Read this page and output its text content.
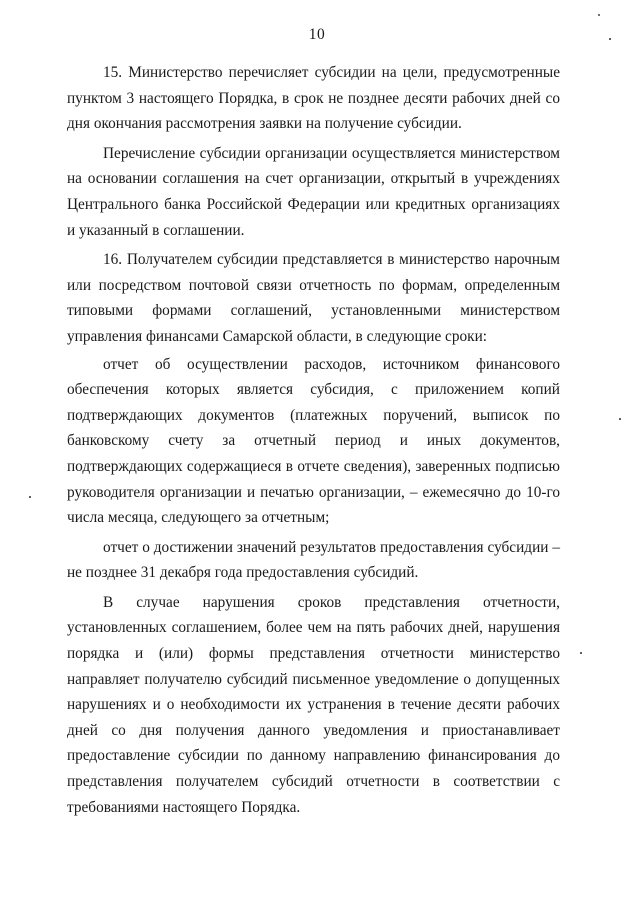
10

15. Министерство перечисляет субсидии на цели, предусмотренные пунктом 3 настоящего Порядка, в срок не позднее десяти рабочих дней со дня окончания рассмотрения заявки на получение субсидии.

Перечисление субсидии организации осуществляется министерством на основании соглашения на счет организации, открытый в учреждениях Центрального банка Российской Федерации или кредитных организациях и указанный в соглашении.

16. Получателем субсидии представляется в министерство нарочным или посредством почтовой связи отчетность по формам, определенным типовыми формами соглашений, установленными министерством управления финансами Самарской области, в следующие сроки:

отчет об осуществлении расходов, источником финансового обеспечения которых является субсидия, с приложением копий подтверждающих документов (платежных поручений, выписок по банковскому счету за отчетный период и иных документов, подтверждающих содержащиеся в отчете сведения), заверенных подписью руководителя организации и печатью организации, – ежемесячно до 10-го числа месяца, следующего за отчетным;

отчет о достижении значений результатов предоставления субсидии – не позднее 31 декабря года предоставления субсидий.

В случае нарушения сроков представления отчетности, установленных соглашением, более чем на пять рабочих дней, нарушения порядка и (или) формы представления отчетности министерство направляет получателю субсидий письменное уведомление о допущенных нарушениях и о необходимости их устранения в течение десяти рабочих дней со дня получения данного уведомления и приостанавливает предоставление субсидии по данному направлению финансирования до представления получателем субсидий отчетности в соответствии с требованиями настоящего Порядка.
